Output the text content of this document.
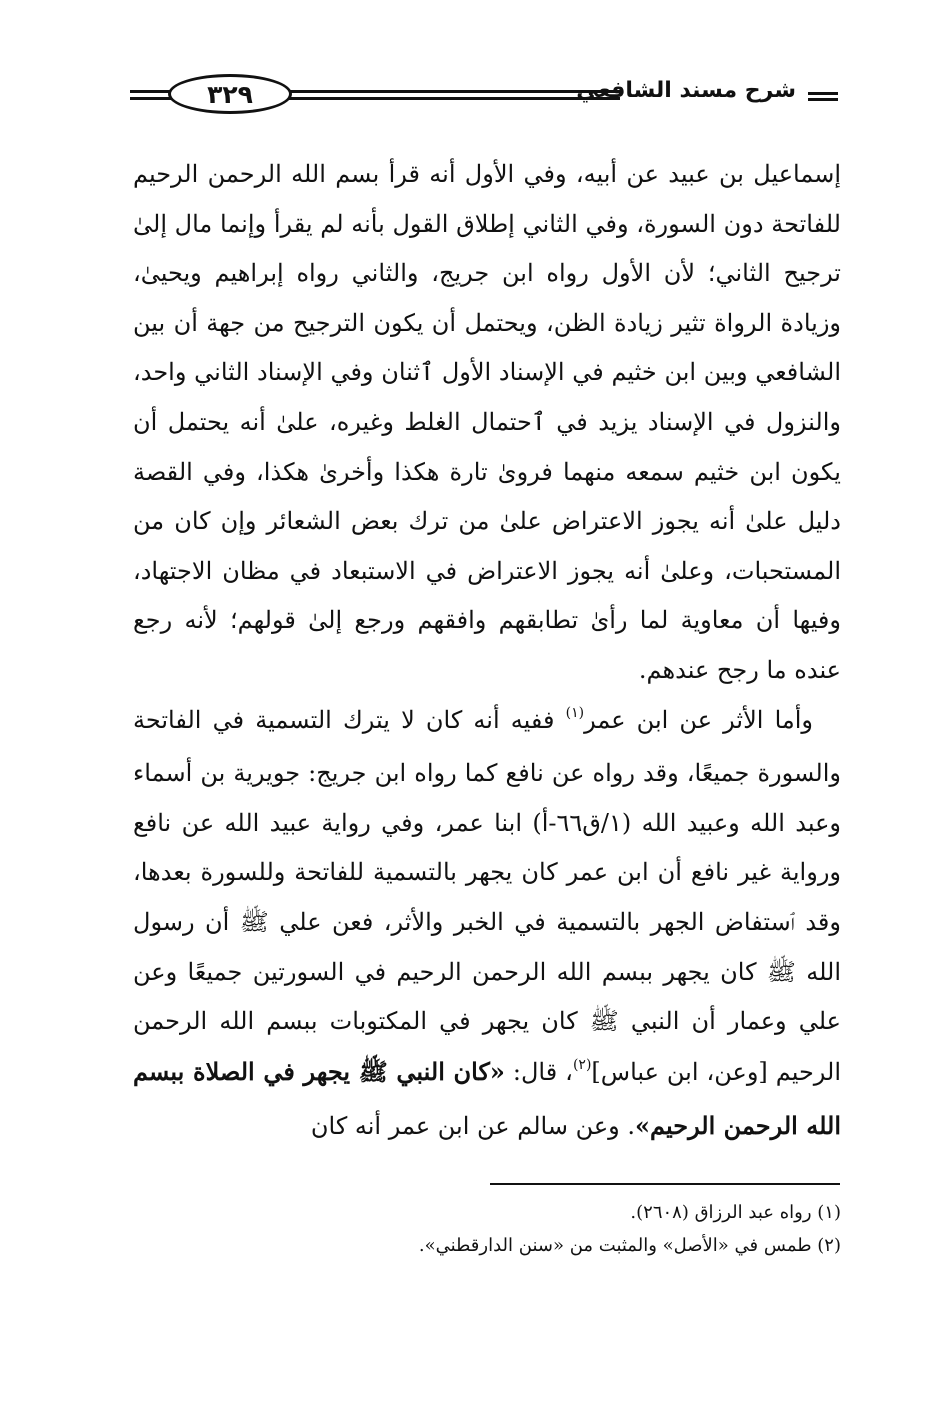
٣٢٩	شرح مسند الشافعي

إسماعيل بن عبيد عن أبيه، وفي الأول أنه قرأ بسم الله الرحمن الرحيم للفاتحة دون السورة، وفي الثاني إطلاق القول بأنه لم يقرأ وإنما مال إلىٰ ترجيح الثاني؛ لأن الأول رواه ابن جريج، والثاني رواه إبراهيم ويحيىٰ، وزيادة الرواة تثير زيادة الظن، ويحتمل أن يكون الترجيح من جهة أن بين الشافعي وبين ابن خثيم في الإسناد الأول ٱثنان وفي الإسناد الثاني واحد، والنزول في الإسناد يزيد في ٱحتمال الغلط وغيره، علىٰ أنه يحتمل أن يكون ابن خثيم سمعه منهما فروىٰ تارة هكذا وأخرىٰ هكذا، وفي القصة دليل علىٰ أنه يجوز الاعتراض علىٰ من ترك بعض الشعائر وإن كان من المستحبات، وعلىٰ أنه يجوز الاعتراض في الاستبعاد في مظان الاجتهاد، وفيها أن معاوية لما رأىٰ تطابقهم وافقهم ورجع إلىٰ قولهم؛ لأنه رجع عنده ما رجح عندهم.

وأما الأثر عن ابن عمر$^{(١)}$ ففيه أنه كان لا يترك التسمية في الفاتحة والسورة جميعًا، وقد رواه عن نافع كما رواه ابن جريج: جويرية بن أسماء وعبد الله وعبيد الله (١/ق٦٦-أ) ابنا عمر، وفي رواية عبيد الله عن نافع ورواية غير نافع أن ابن عمر كان يجهر بالتسمية للفاتحة وللسورة بعدها، وقد ٱستفاض الجهر بالتسمية في الخبر والأثر، فعن علي ﷺ أن رسول الله ﷺ كان يجهر ببسم الله الرحمن الرحيم في السورتين جميعًا وعن علي وعمار أن النبي ﷺ كان يجهر في المكتوبات ببسم الله الرحمن الرحيم [وعن، ابن عباس]$^{(٢)}$، قال: «كان النبي ﷺ يجهر في الصلاة ببسم الله الرحمن الرحيم». وعن سالم عن ابن عمر أنه كان

(١) رواه عبد الرزاق (٢٦٠٨).

(٢) طمس في «الأصل» والمثبت من «سنن الدارقطني».
